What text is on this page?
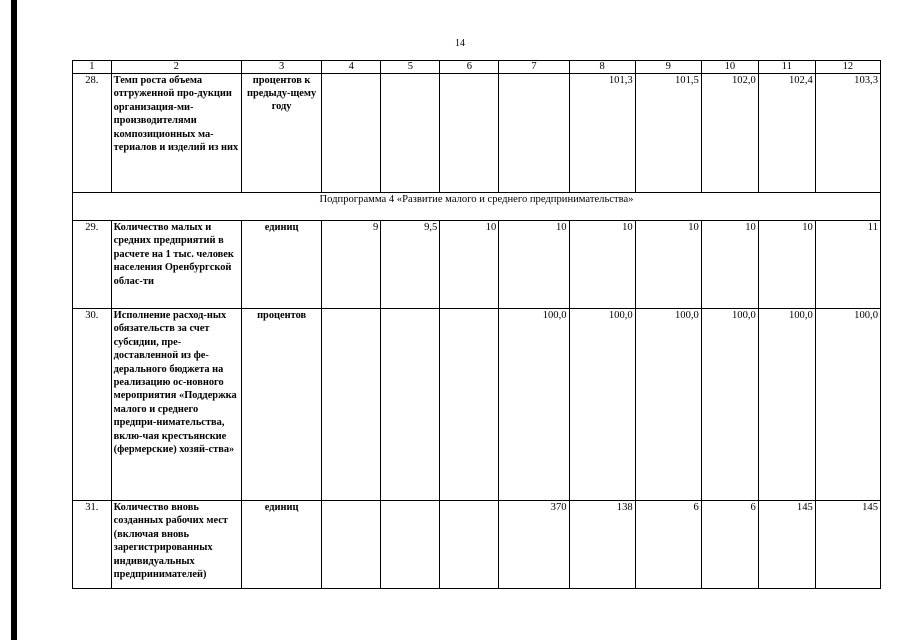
14
1	2	3	4	5	6	7	8	9	10	11	12
28.	Темп роста объема отгруженной про-дукции организация-ми-производителями композиционных ма-териалов и изделий из них	процентов к предыду-щему году					101,3	101,5	102,0	102,4	103,3
Подпрограмма 4 «Развитие малого и среднего предпринимательства»											
29.	Количество малых и средних предприятий в расчете на 1 тыс. человек населения Оренбургской облас-ти	единиц	9	9,5	10	10	10	10	10	10	11
30.	Исполнение расход-ных обязательств за счет субсидии, пре-доставленной из фе-дерального бюджета на реализацию ос-новного мероприятия «Поддержка малого и среднего предпри-нимательства, вклю-чая крестьянские (фермерские) хозяй-ства»	процентов				100,0	100,0	100,0	100,0	100,0	100,0
31.	Количество вновь созданных рабочих мест (включая вновь зарегистрированных индивидуальных предпринимателей)	единиц				370	138	6	6	145	145
